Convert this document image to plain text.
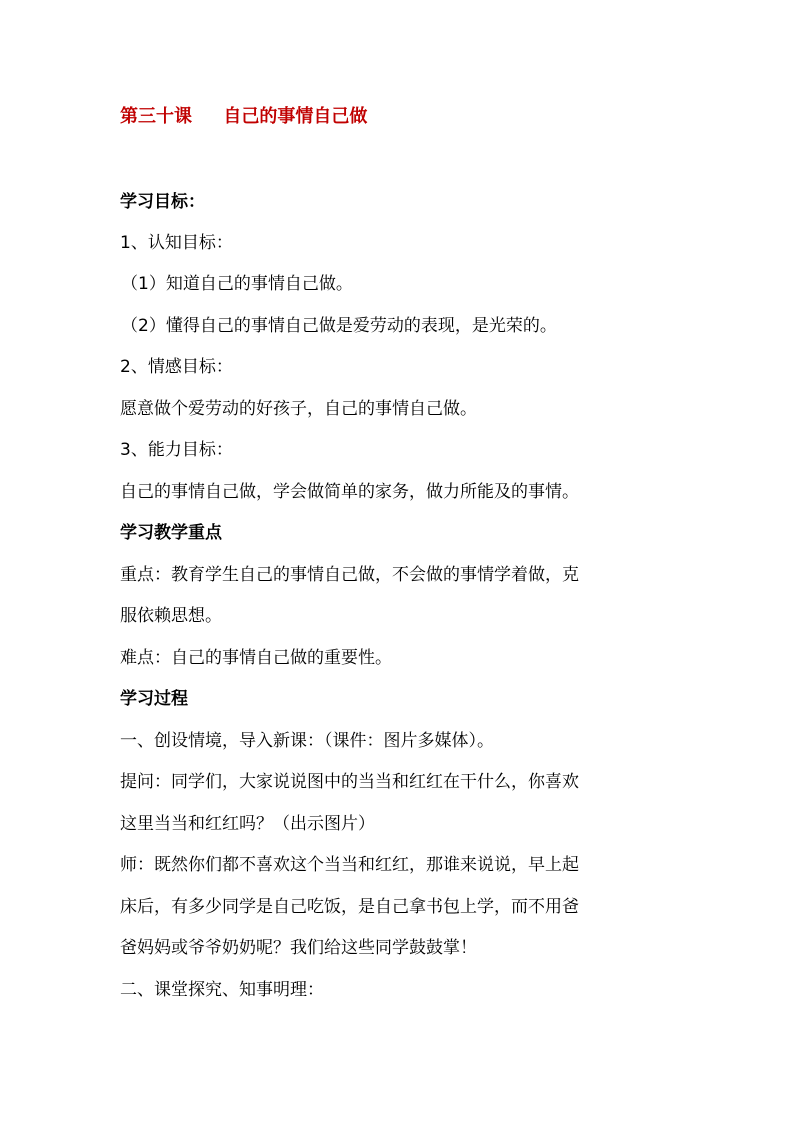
第三十课 自己的事情自己做
学习目标：
1、认知目标：
（1）知道自己的事情自己做。
（2）懂得自己的事情自己做是爱劳动的表现，是光荣的。
2、情感目标：
愿意做个爱劳动的好孩子，自己的事情自己做。
3、能力目标：
自己的事情自己做，学会做简单的家务，做力所能及的事情。
学习教学重点
重点：教育学生自己的事情自己做，不会做的事情学着做，克
服依赖思想。
难点：自己的事情自己做的重要性。
学习过程
一、创设情境，导入新课：（课件：图片多媒体）。
提问：同学们，大家说说图中的当当和红红在干什么，你喜欢
这里当当和红红吗？（出示图片）
师：既然你们都不喜欢这个当当和红红，那谁来说说，早上起
床后，有多少同学是自己吃饭，是自己拿书包上学，而不用爸
爸妈妈或爷爷奶奶呢？我们给这些同学鼓鼓掌！
二、课堂探究、知事明理：
